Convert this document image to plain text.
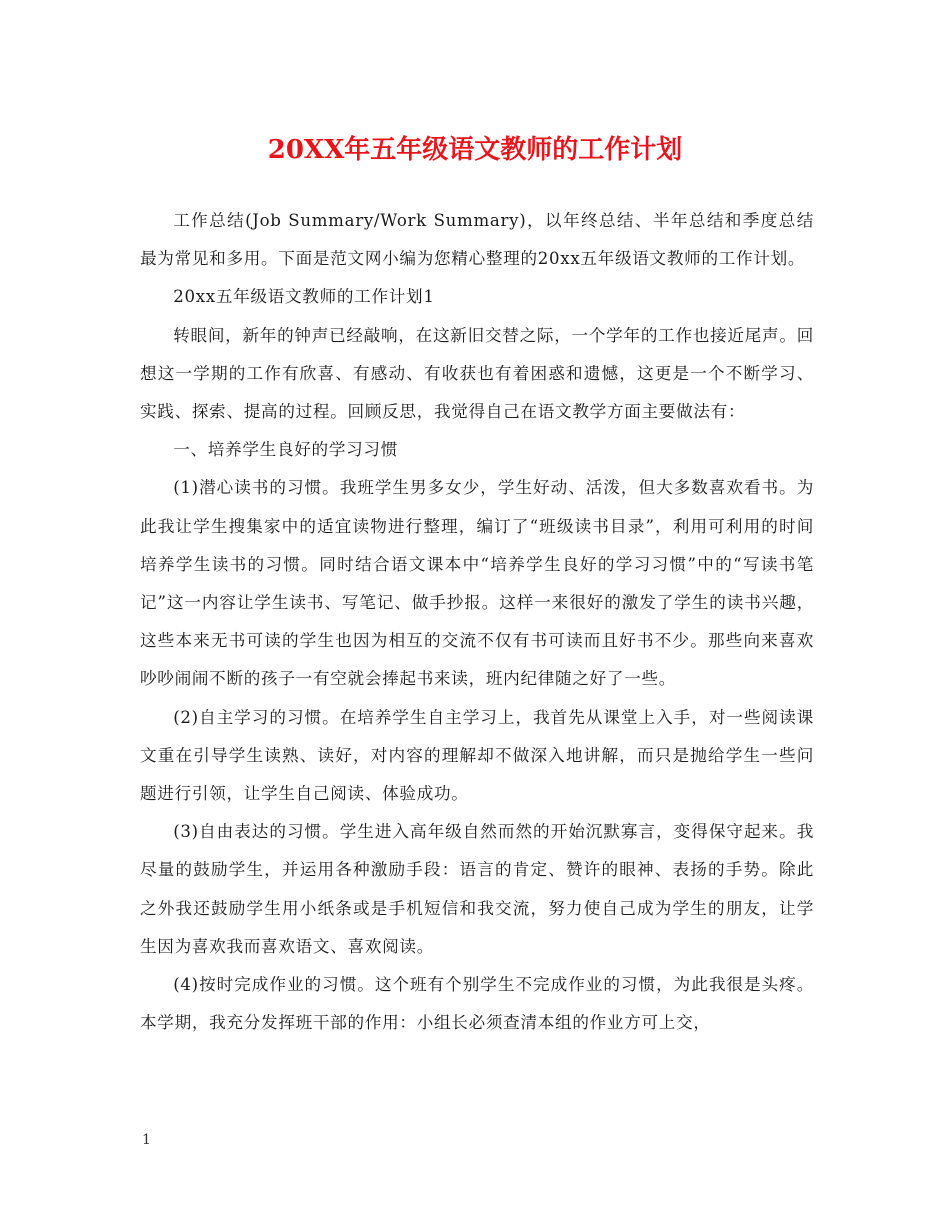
20XX年五年级语文教师的工作计划

工作总结(Job Summary/Work Summary)，以年终总结、半年总结和季度总结最为常见和多用。下面是范文网小编为您精心整理的20xx五年级语文教师的工作计划。

20xx五年级语文教师的工作计划1

转眼间，新年的钟声已经敲响，在这新旧交替之际，一个学年的工作也接近尾声。回想这一学期的工作有欣喜、有感动、有收获也有着困惑和遗憾，这更是一个不断学习、实践、探索、提高的过程。回顾反思，我觉得自己在语文教学方面主要做法有：

一、培养学生良好的学习习惯

(1)潜心读书的习惯。我班学生男多女少，学生好动、活泼，但大多数喜欢看书。为此我让学生搜集家中的适宜读物进行整理，编订了“班级读书目录”，利用可利用的时间培养学生读书的习惯。同时结合语文课本中“培养学生良好的学习习惯”中的“写读书笔记”这一内容让学生读书、写笔记、做手抄报。这样一来很好的激发了学生的读书兴趣，这些本来无书可读的学生也因为相互的交流不仅有书可读而且好书不少。那些向来喜欢吵吵闹闹不断的孩子一有空就会捧起书来读，班内纪律随之好了一些。

(2)自主学习的习惯。在培养学生自主学习上，我首先从课堂上入手，对一些阅读课文重在引导学生读熟、读好，对内容的理解却不做深入地讲解，而只是抛给学生一些问题进行引领，让学生自己阅读、体验成功。

(3)自由表达的习惯。学生进入高年级自然而然的开始沉默寡言，变得保守起来。我尽量的鼓励学生，并运用各种激励手段：语言的肯定、赞许的眼神、表扬的手势。除此之外我还鼓励学生用小纸条或是手机短信和我交流，努力使自己成为学生的朋友，让学生因为喜欢我而喜欢语文、喜欢阅读。

(4)按时完成作业的习惯。这个班有个别学生不完成作业的习惯，为此我很是头疼。本学期，我充分发挥班干部的作用：小组长必须查清本组的作业方可上交，

1
